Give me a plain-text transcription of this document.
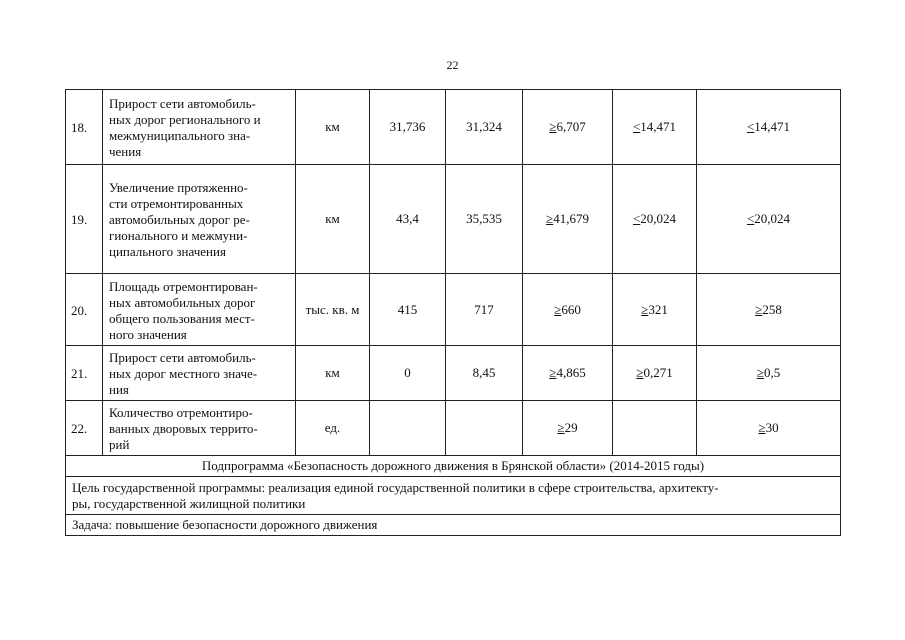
22
18.	Прирост сети автомобиль-
ных дорог регионального и
межмуниципального зна-
чения	км	31,736	31,324	≥6,707	<14,471	<14,471
19.	Увеличение протяженно-
сти отремонтированных
автомобильных дорог ре-
гионального и межмуни-
ципального значения	км	43,4	35,535	≥41,679	<20,024	<20,024
20.	Площадь отремонтирован-
ных автомобильных дорог
общего пользования мест-
ного значения	тыс. кв. м	415	717	≥660	≥321	≥258
21.	Прирост сети автомобиль-
ных дорог местного значе-
ния	км	0	8,45	≥4,865	≥0,271	≥0,5
22.	Количество отремонтиро-
ванных дворовых террито-
рий	ед.			≥29		≥30
Подпрограмма «Безопасность дорожного движения в Брянской области» (2014-2015 годы)							

Цель государственной программы: реализация единой государственной политики в сфере строительства, архитекту-
ры, государственной жилищной политики							

Задача: повышение безопасности дорожного движения							
